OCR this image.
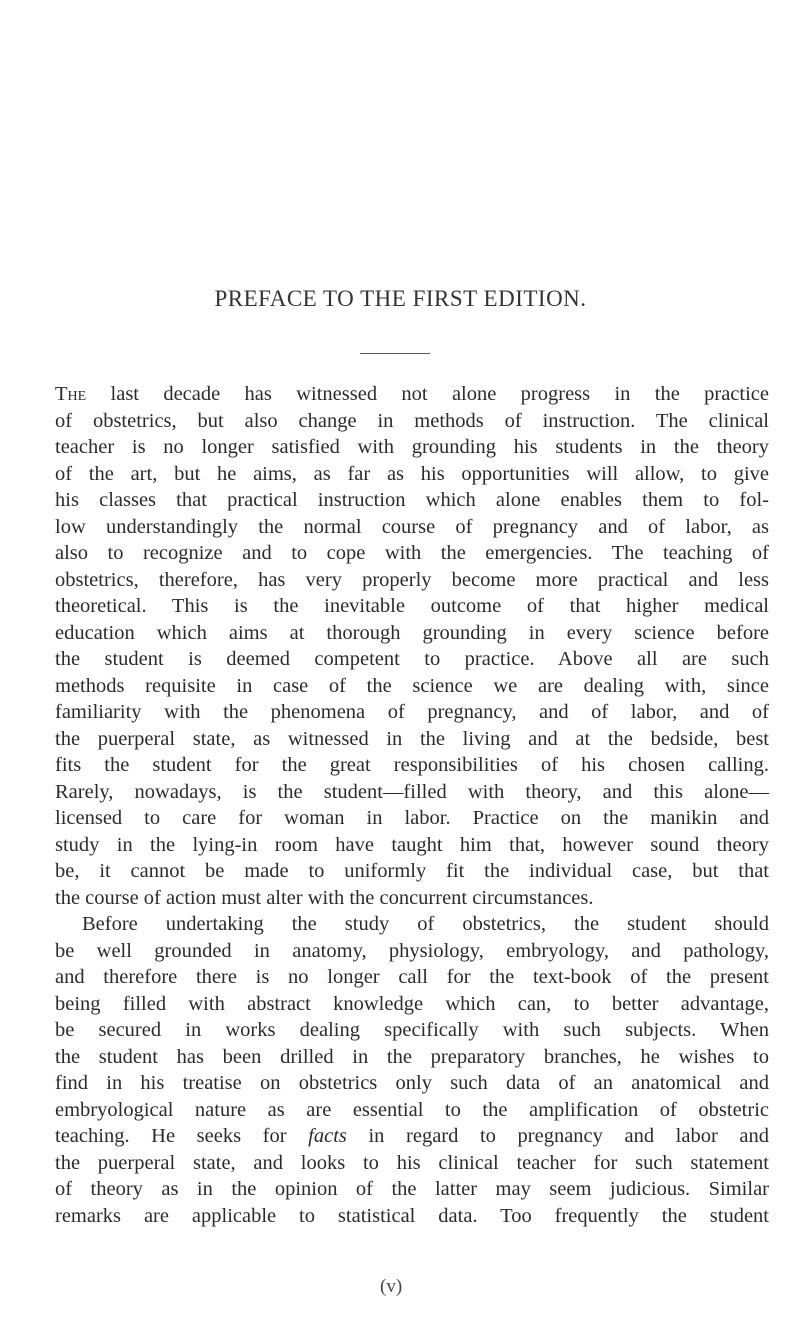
PREFACE TO THE FIRST EDITION.
The last decade has witnessed not alone progress in the practice
of obstetrics, but also change in methods of instruction. The clinical
teacher is no longer satisfied with grounding his students in the theory
of the art, but he aims, as far as his opportunities will allow, to give
his classes that practical instruction which alone enables them to fol-
low understandingly the normal course of pregnancy and of labor, as
also to recognize and to cope with the emergencies. The teaching of
obstetrics, therefore, has very properly become more practical and less
theoretical. This is the inevitable outcome of that higher medical
education which aims at thorough grounding in every science before
the student is deemed competent to practice. Above all are such
methods requisite in case of the science we are dealing with, since
familiarity with the phenomena of pregnancy, and of labor, and of
the puerperal state, as witnessed in the living and at the bedside, best
fits the student for the great responsibilities of his chosen calling.
Rarely, nowadays, is the student—filled with theory, and this alone—
licensed to care for woman in labor. Practice on the manikin and
study in the lying-in room have taught him that, however sound theory
be, it cannot be made to uniformly fit the individual case, but that
the course of action must alter with the concurrent circumstances.
Before undertaking the study of obstetrics, the student should
be well grounded in anatomy, physiology, embryology, and pathology,
and therefore there is no longer call for the text-book of the present
being filled with abstract knowledge which can, to better advantage,
be secured in works dealing specifically with such subjects. When
the student has been drilled in the preparatory branches, he wishes to
find in his treatise on obstetrics only such data of an anatomical and
embryological nature as are essential to the amplification of obstetric
teaching. He seeks for facts in regard to pregnancy and labor and
the puerperal state, and looks to his clinical teacher for such statement
of theory as in the opinion of the latter may seem judicious. Similar
remarks are applicable to statistical data. Too frequently the student
(v)
